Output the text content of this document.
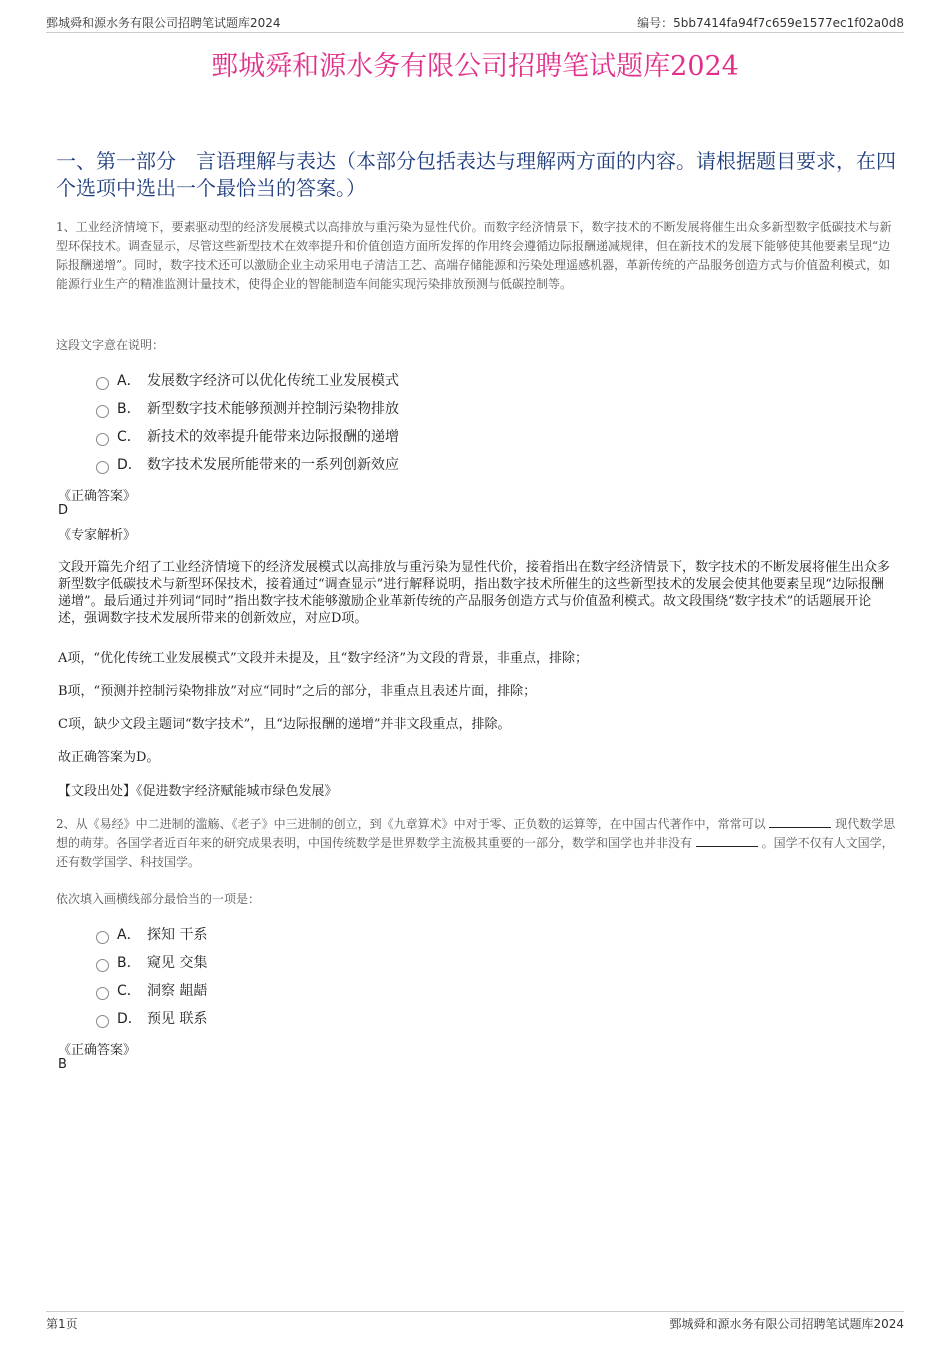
鄄城舜和源水务有限公司招聘笔试题库2024	编号：5bb7414fa94f7c659e1577ec1f02a0d8
鄄城舜和源水务有限公司招聘笔试题库2024
一、第一部分　言语理解与表达（本部分包括表达与理解两方面的内容。请根据题目要求，在四个选项中选出一个最恰当的答案。）
1、工业经济情境下，要素驱动型的经济发展模式以高排放与重污染为显性代价。而数字经济情景下，数字技术的不断发展将催生出众多新型数字低碳技术与新型环保技术。调查显示，尽管这些新型技术在效率提升和价值创造方面所发挥的作用终会遵循边际报酬递减规律，但在新技术的发展下能够使其他要素呈现“边际报酬递增”。同时，数字技术还可以激励企业主动采用电子清洁工艺、高端存储能源和污染处理遥感机器，革新传统的产品服务创造方式与价值盈利模式，如能源行业生产的精准监测计量技术，使得企业的智能制造车间能实现污染排放预测与低碳控制等。
这段文字意在说明：
A． 发展数字经济可以优化传统工业发展模式
B． 新型数字技术能够预测并控制污染物排放
C． 新技术的效率提升能带来边际报酬的递增
D． 数字技术发展所能带来的一系列创新效应
《正确答案》
D
《专家解析》
文段开篇先介绍了工业经济情境下的经济发展模式以高排放与重污染为显性代价，接着指出在数字经济情景下，数字技术的不断发展将催生出众多新型数字低碳技术与新型环保技术，接着通过“调查显示”进行解释说明，指出数字技术所催生的这些新型技术的发展会使其他要素呈现“边际报酬递增”。最后通过并列词“同时”指出数字技术能够激励企业革新传统的产品服务创造方式与价值盈利模式。故文段围绕“数字技术”的话题展开论述，强调数字技术发展所带来的创新效应，对应D项。
A项，“优化传统工业发展模式”文段并未提及，且“数字经济”为文段的背景，非重点，排除；
B项，“预测并控制污染物排放”对应“同时”之后的部分，非重点且表述片面，排除；
C项，缺少文段主题词“数字技术”，且“边际报酬的递增”并非文段重点，排除。
故正确答案为D。
【文段出处】《促进数字经济赋能城市绿色发展》
2、从《易经》中二进制的滥觞、《老子》中三进制的创立，到《九章算术》中对于零、正负数的运算等，在中国古代著作中，常常可以	现代数学思想的萌芽。各国学者近百年来的研究成果表明，中国传统数学是世界数学主流极其重要的一部分，数学和国学也并非没有	。国学不仅有人文国学，还有数学国学、科技国学。
依次填入画横线部分最恰当的一项是：
A． 探知 干系
B． 窥见 交集
C． 洞察 龃龉
D． 预见 联系
《正确答案》
B
第1页	鄄城舜和源水务有限公司招聘笔试题库2024
